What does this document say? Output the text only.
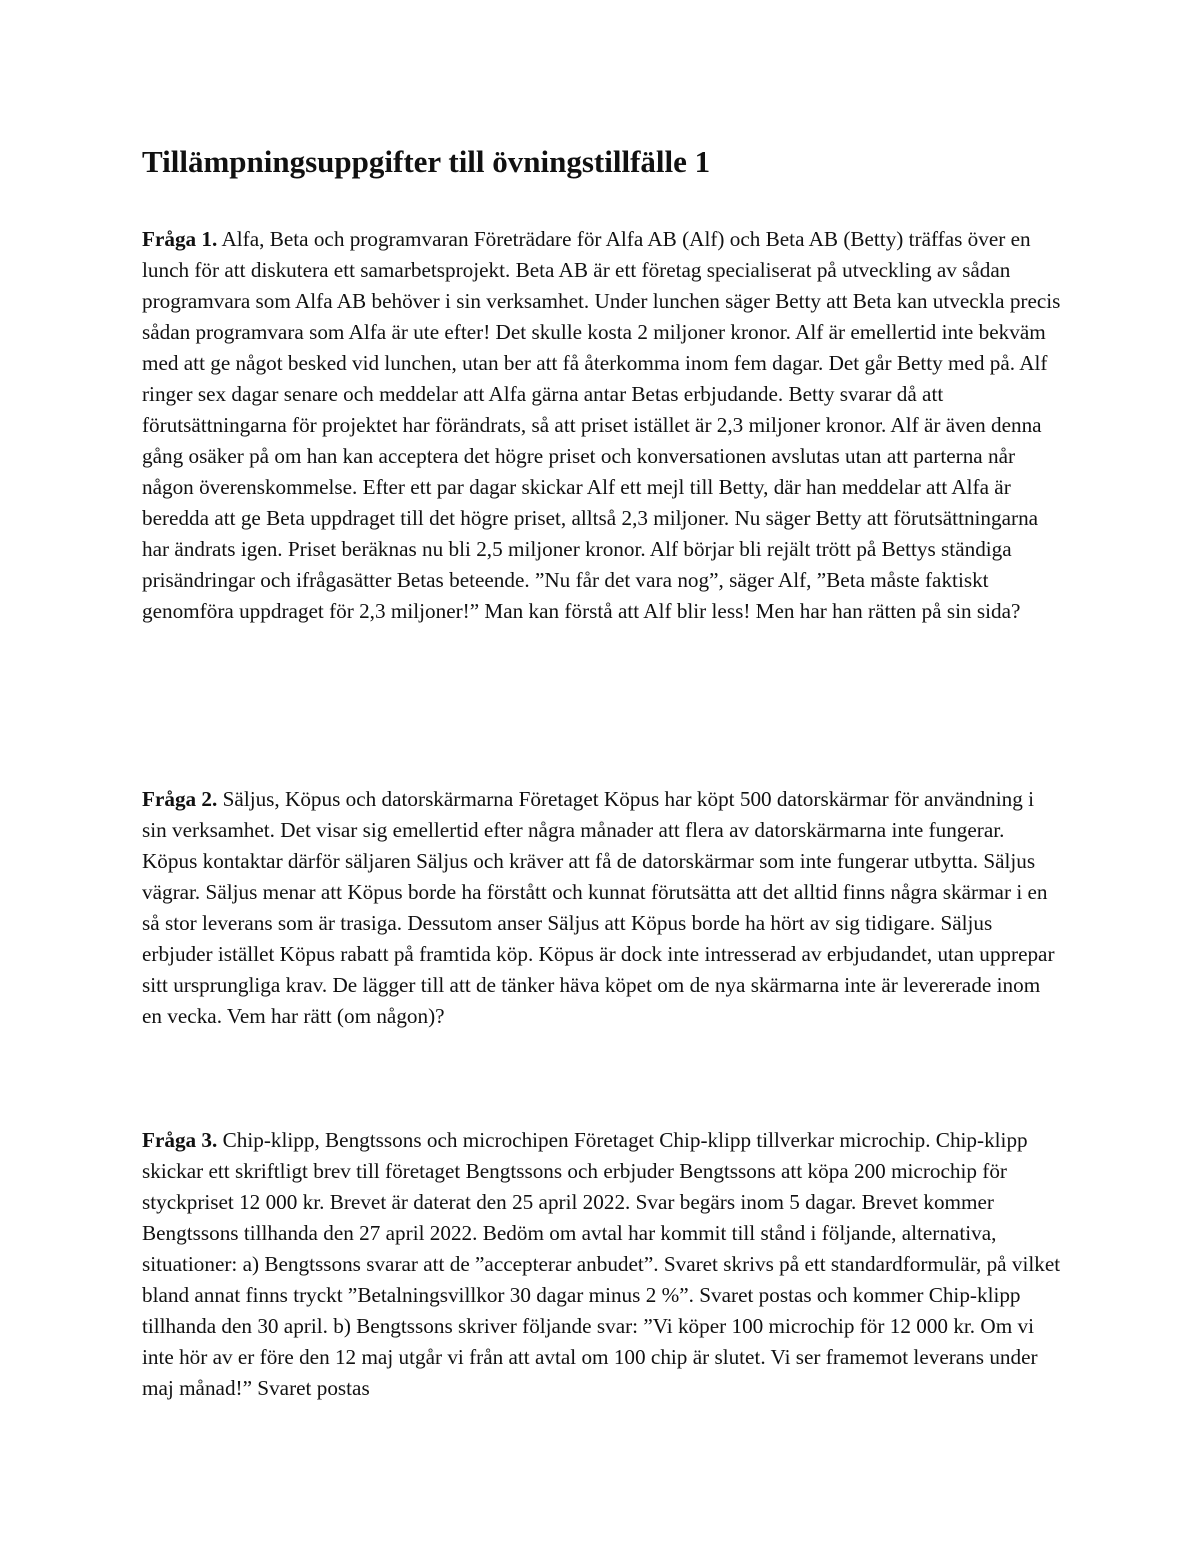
Tillämpningsuppgifter till övningstillfälle 1

Fråga 1. Alfa, Beta och programvaran Företrädare för Alfa AB (Alf) och Beta AB (Betty) träffas över en lunch för att diskutera ett samarbetsprojekt. Beta AB är ett företag specialiserat på utveckling av sådan programvara som Alfa AB behöver i sin verksamhet. Under lunchen säger Betty att Beta kan utveckla precis sådan programvara som Alfa är ute efter! Det skulle kosta 2 miljoner kronor. Alf är emellertid inte bekväm med att ge något besked vid lunchen, utan ber att få återkomma inom fem dagar. Det går Betty med på. Alf ringer sex dagar senare och meddelar att Alfa gärna antar Betas erbjudande. Betty svarar då att förutsättningarna för projektet har förändrats, så att priset istället är 2,3 miljoner kronor. Alf är även denna gång osäker på om han kan acceptera det högre priset och konversationen avslutas utan att parterna når någon överenskommelse. Efter ett par dagar skickar Alf ett mejl till Betty, där han meddelar att Alfa är beredda att ge Beta uppdraget till det högre priset, alltså 2,3 miljoner. Nu säger Betty att förutsättningarna har ändrats igen. Priset beräknas nu bli 2,5 miljoner kronor. Alf börjar bli rejält trött på Bettys ständiga prisändringar och ifrågasätter Betas beteende. ”Nu får det vara nog”, säger Alf, ”Beta måste faktiskt genomföra uppdraget för 2,3 miljoner!” Man kan förstå att Alf blir less! Men har han rätten på sin sida?

Fråga 2. Säljus, Köpus och datorskärmarna Företaget Köpus har köpt 500 datorskärmar för användning i sin verksamhet. Det visar sig emellertid efter några månader att flera av datorskärmarna inte fungerar. Köpus kontaktar därför säljaren Säljus och kräver att få de datorskärmar som inte fungerar utbytta. Säljus vägrar. Säljus menar att Köpus borde ha förstått och kunnat förutsätta att det alltid finns några skärmar i en så stor leverans som är trasiga. Dessutom anser Säljus att Köpus borde ha hört av sig tidigare. Säljus erbjuder istället Köpus rabatt på framtida köp. Köpus är dock inte intresserad av erbjudandet, utan upprepar sitt ursprungliga krav. De lägger till att de tänker häva köpet om de nya skärmarna inte är levererade inom en vecka. Vem har rätt (om någon)?

Fråga 3. Chip-klipp, Bengtssons och microchipen Företaget Chip-klipp tillverkar microchip. Chip-klipp skickar ett skriftligt brev till företaget Bengtssons och erbjuder Bengtssons att köpa 200 microchip för styckpriset 12 000 kr. Brevet är daterat den 25 april 2022. Svar begärs inom 5 dagar. Brevet kommer Bengtssons tillhanda den 27 april 2022. Bedöm om avtal har kommit till stånd i följande, alternativa, situationer: a) Bengtssons svarar att de ”accepterar anbudet”. Svaret skrivs på ett standardformulär, på vilket bland annat finns tryckt ”Betalningsvillkor 30 dagar minus 2 %”. Svaret postas och kommer Chip-klipp tillhanda den 30 april. b) Bengtssons skriver följande svar: ”Vi köper 100 microchip för 12 000 kr. Om vi inte hör av er före den 12 maj utgår vi från att avtal om 100 chip är slutet. Vi ser framemot leverans under maj månad!” Svaret postas
